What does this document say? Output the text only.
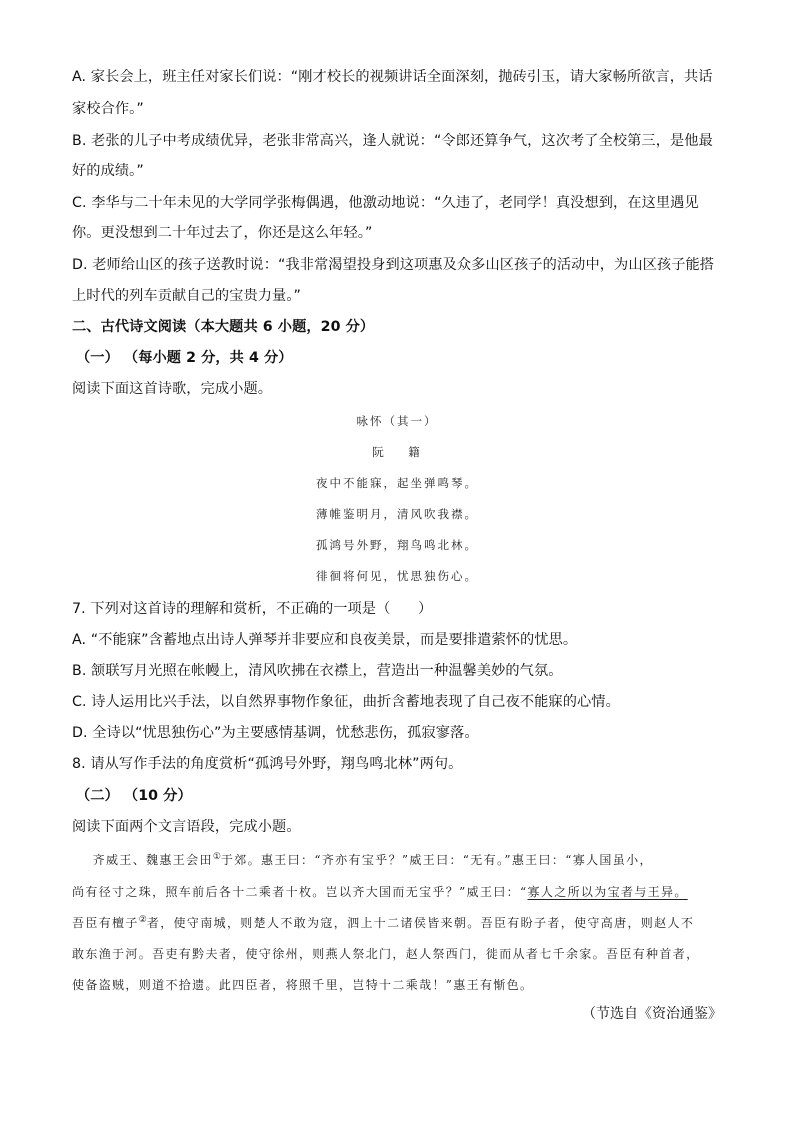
A. 家长会上，班主任对家长们说：“刚才校长的视频讲话全面深刻，抛砖引玉，请大家畅所欲言，共话
家校合作。”
B. 老张的儿子中考成绩优异，老张非常高兴，逢人就说：“令郎还算争气，这次考了全校第三，是他最
好的成绩。”
C. 李华与二十年未见的大学同学张梅偶遇，他激动地说：“久违了，老同学！真没想到，在这里遇见
你。更没想到二十年过去了，你还是这么年轻。”
D. 老师给山区的孩子送教时说：“我非常渴望投身到这项惠及众多山区孩子的活动中，为山区孩子能搭
上时代的列车贡献自己的宝贵力量。”
二、古代诗文阅读（本大题共 6 小题，20 分）
（一） （每小题 2 分，共 4 分）
阅读下面这首诗歌，完成小题。
咏怀（其一）
阮    籍
夜中不能寐，起坐弹鸣琴。
薄帷鉴明月，清风吹我襟。
孤鸿号外野，翔鸟鸣北林。
徘徊将何见，忧思独伤心。
7. 下列对这首诗的理解和赏析，不正确的一项是（      ）
A. “不能寐”含蓄地点出诗人弹琴并非要应和良夜美景，而是要排遣萦怀的忧思。
B. 颔联写月光照在帐幔上，清风吹拂在衣襟上，营造出一种温馨美妙的气氛。
C. 诗人运用比兴手法，以自然界事物作象征，曲折含蓄地表现了自己夜不能寐的心情。
D. 全诗以“忧思独伤心”为主要感情基调，忧愁悲伤，孤寂寥落。
8. 请从写作手法的角度赏析“孤鸿号外野，翔鸟鸣北林”两句。
（二） （10 分）
阅读下面两个文言语段，完成小题。
齐威王、魏惠王会田①于郊。惠王曰：“齐亦有宝乎？”威王曰：“无有。”惠王曰：“寡人国虽小，
尚有径寸之珠，照车前后各十二乘者十枚。岂以齐大国而无宝乎？”威王曰：“寡人之所以为宝者与王异。
吾臣有檀子②者，使守南城，则楚人不敢为寇，泗上十二诸侯皆来朝。吾臣有盼子者，使守高唐，则赵人不
敢东渔于河。吾吏有黔夫者，使守徐州，则燕人祭北门，赵人祭西门，徙而从者七千余家。吾臣有种首者，
使备盗贼，则道不拾遗。此四臣者，将照千里，岂特十二乘哉！”惠王有惭色。
（节选自《资治通鉴》
